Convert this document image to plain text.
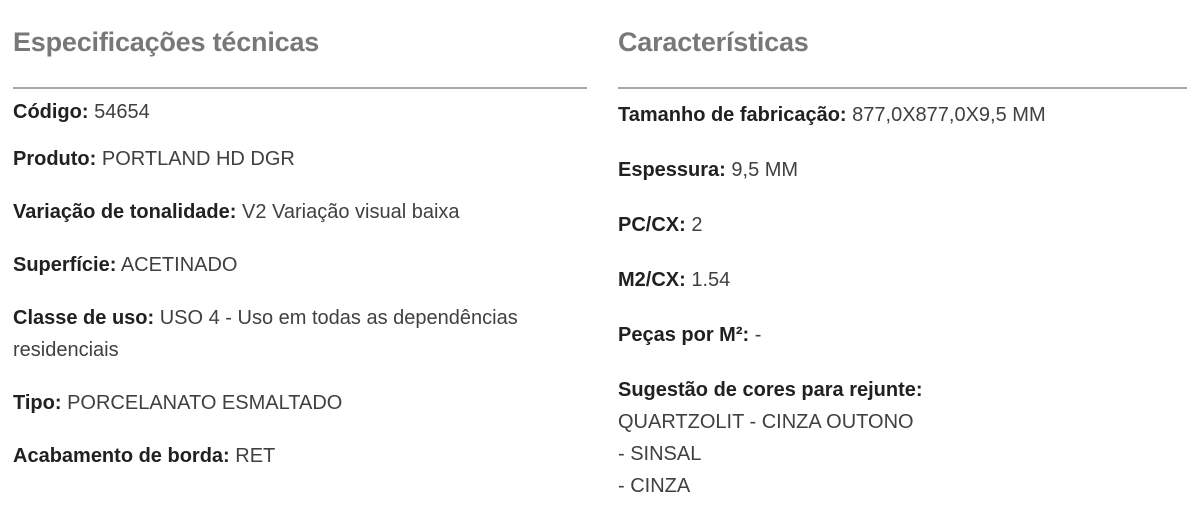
Especificações técnicas

Código: 54654

Produto: PORTLAND HD DGR

Variação de tonalidade: V2 Variação visual baixa

Superfície: ACETINADO

Classe de uso: USO 4 - Uso em todas as dependências residenciais

Tipo: PORCELANATO ESMALTADO

Acabamento de borda: RET

Características

Tamanho de fabricação: 877,0X877,0X9,5 MM

Espessura: 9,5 MM

PC/CX: 2

M2/CX: 1.54

Peças por M²: -

Sugestão de cores para rejunte:
QUARTZOLIT - CINZA OUTONO
- SINSAL
- CINZA
